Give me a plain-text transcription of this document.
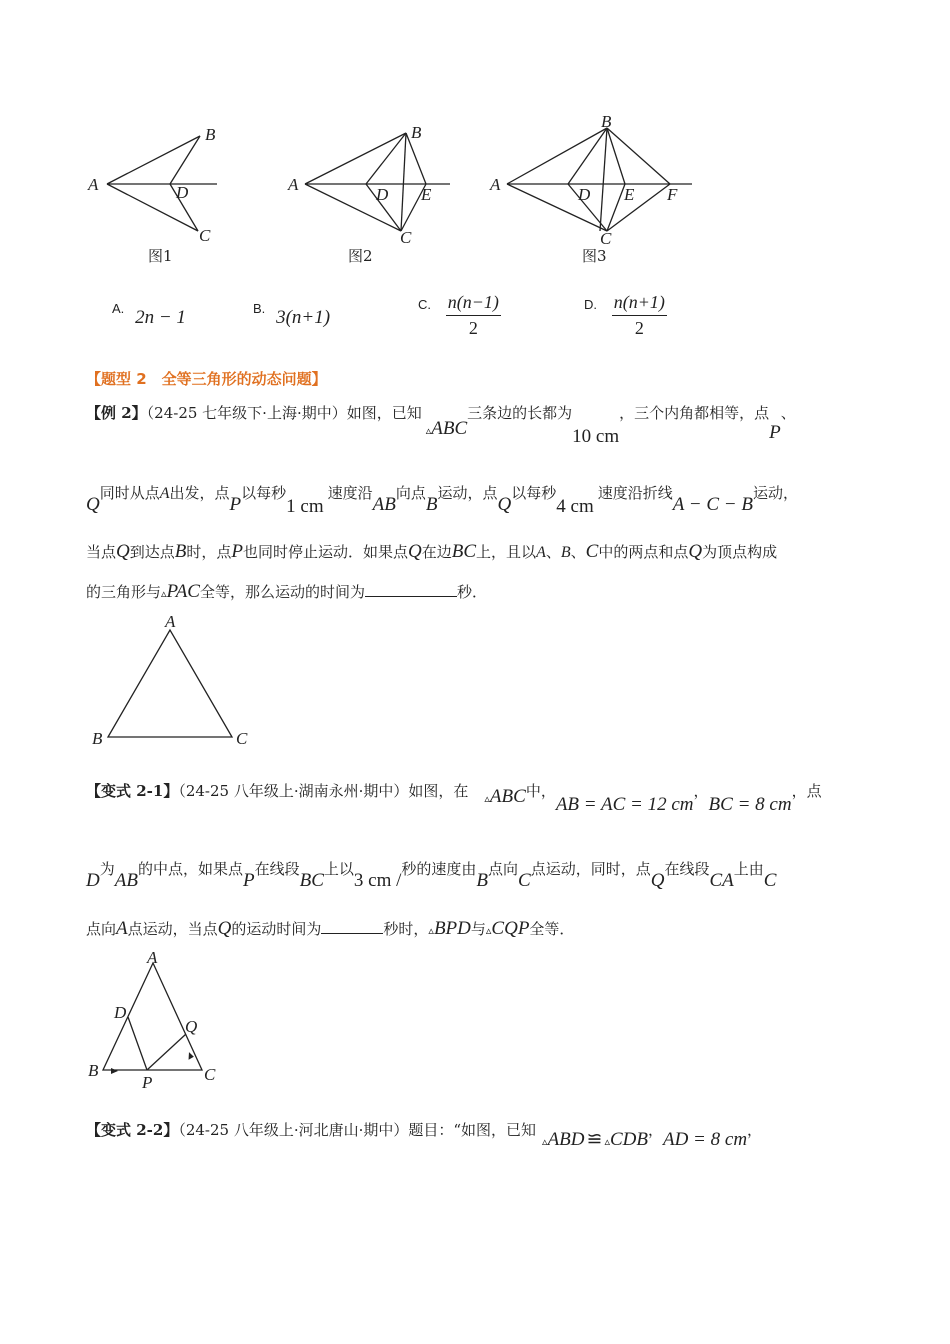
A
B
C
D
图1
A
B
C
D E
图2
A
B
C
D E F
图3
A. 2n − 1	B. 3(n+1)
C. $\frac{n(n-1)}{2}$	D. $\frac{n(n+1)}{2}$
【题型 2　全等三角形的动态问题】
【例 2】（24-25 七年级下·上海·期中）如图，已知$_▵$ABC三条边的长都为10 cm，三个内角都相等，点P、
Q同时从点A出发，点P以每秒1 cm速度沿AB向点B运动，点Q以每秒4 cm速度沿折线A − C − B运动，
当点Q到达点B时，点P也同时停止运动．如果点Q在边BC上，且以A、B、C中的两点和点Q为顶点构成
的三角形与▵PAC全等，那么运动的时间为	秒．
A
B	C
【变式 2-1】（24-25 八年级上·湖南永州·期中）如图，在 $_▵$ABC中，AB = AC = 12 cm，BC = 8 cm，点
D为AB的中点，如果点P在线段BC上以3 cm /秒的速度由B点向C点运动，同时，点Q在线段CA上由C
点向A点运动，当点Q的运动时间为	秒时，▵BPD与▵CQP全等．
A
B	C
D
P
Q
【变式 2-2】（24-25 八年级上·河北唐山·期中）题目：“如图，已知$_▵$ABD ≌ $_▵$CDB，AD = 8 cm，
